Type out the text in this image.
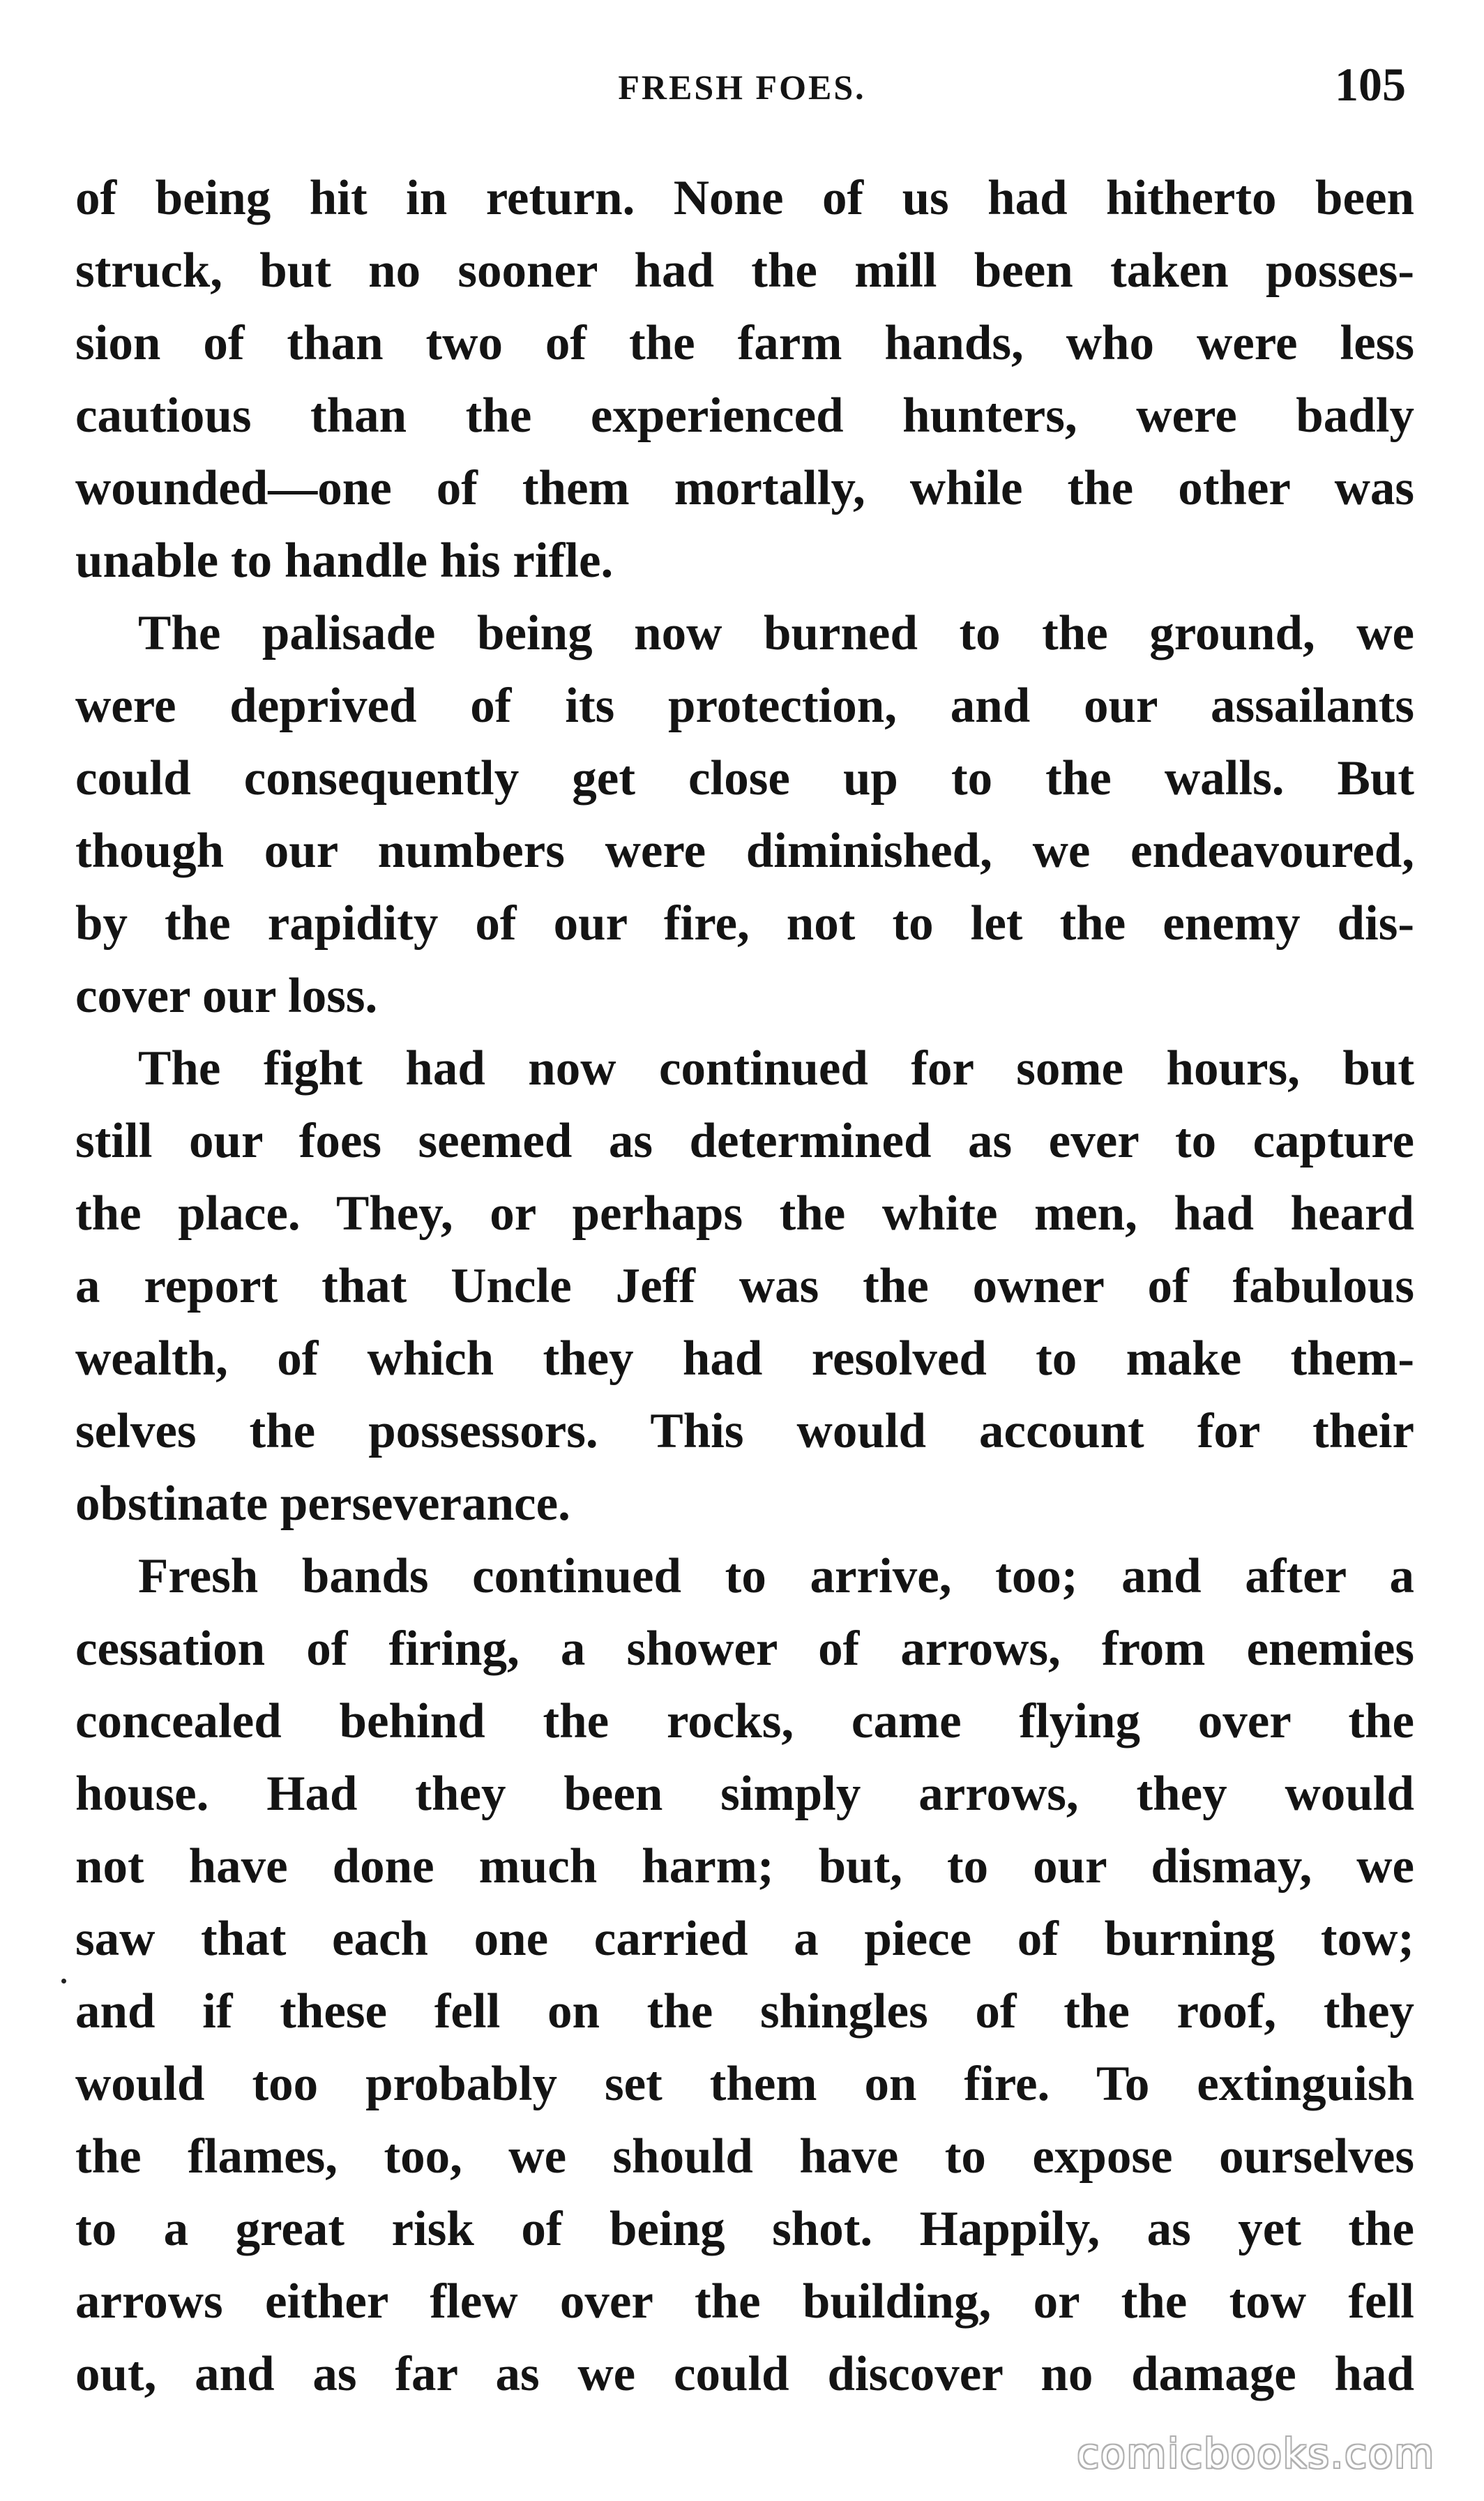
FRESH FOES.	105
of being hit in return. None of us had hitherto been
struck, but no sooner had the mill been taken posses-
sion of than two of the farm hands, who were less
cautious than the experienced hunters, were badly
wounded—one of them mortally, while the other was
unable to handle his rifle.
The palisade being now burned to the ground, we
were deprived of its protection, and our assailants
could consequently get close up to the walls. But
though our numbers were diminished, we endeavoured,
by the rapidity of our fire, not to let the enemy dis-
cover our loss.
The fight had now continued for some hours, but
still our foes seemed as determined as ever to capture
the place. They, or perhaps the white men, had heard
a report that Uncle Jeff was the owner of fabulous
wealth, of which they had resolved to make them-
selves the possessors. This would account for their
obstinate perseverance.
Fresh bands continued to arrive, too; and after a
cessation of firing, a shower of arrows, from enemies
concealed behind the rocks, came flying over the
house. Had they been simply arrows, they would
not have done much harm; but, to our dismay, we
saw that each one carried a piece of burning tow;
and if these fell on the shingles of the roof, they
would too probably set them on fire. To extinguish
the flames, too, we should have to expose ourselves
to a great risk of being shot. Happily, as yet the
arrows either flew over the building, or the tow fell
out, and as far as we could discover no damage had
comicbooks.com
